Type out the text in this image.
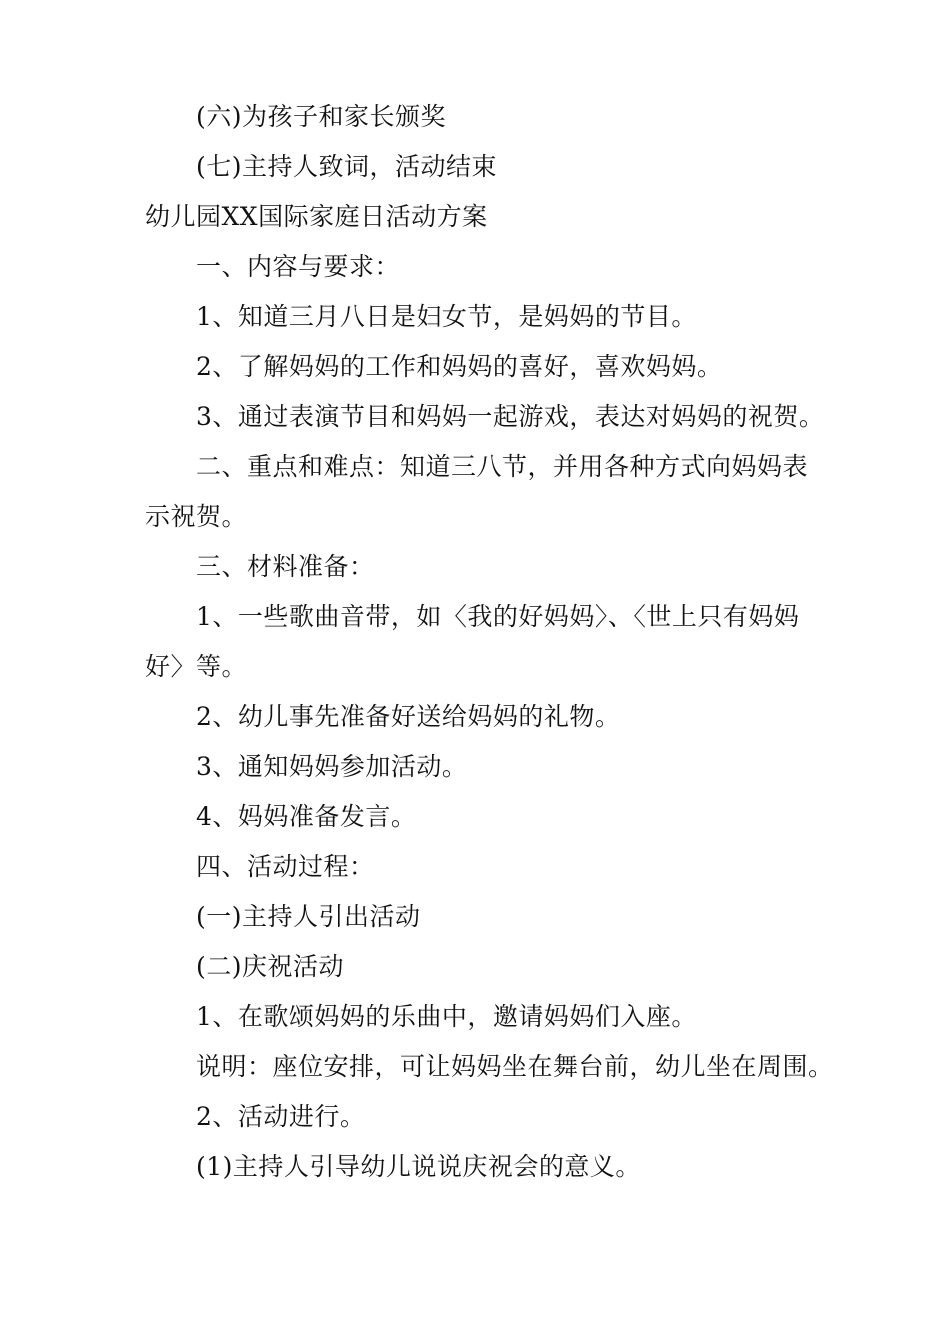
(六)为孩子和家长颁奖
(七)主持人致词，活动结束
幼儿园XX国际家庭日活动方案
一、内容与要求：
1、知道三月八日是妇女节，是妈妈的节目。
2、了解妈妈的工作和妈妈的喜好，喜欢妈妈。
3、通过表演节目和妈妈一起游戏，表达对妈妈的祝贺。
二、重点和难点：知道三八节，并用各种方式向妈妈表
示祝贺。
三、材料准备：
1、一些歌曲音带，如〈我的好妈妈〉、〈世上只有妈妈
好〉等。
2、幼儿事先准备好送给妈妈的礼物。
3、通知妈妈参加活动。
4、妈妈准备发言。
四、活动过程：
(一)主持人引出活动
(二)庆祝活动
1、在歌颂妈妈的乐曲中，邀请妈妈们入座。
说明：座位安排，可让妈妈坐在舞台前，幼儿坐在周围。
2、活动进行。
(1)主持人引导幼儿说说庆祝会的意义。
